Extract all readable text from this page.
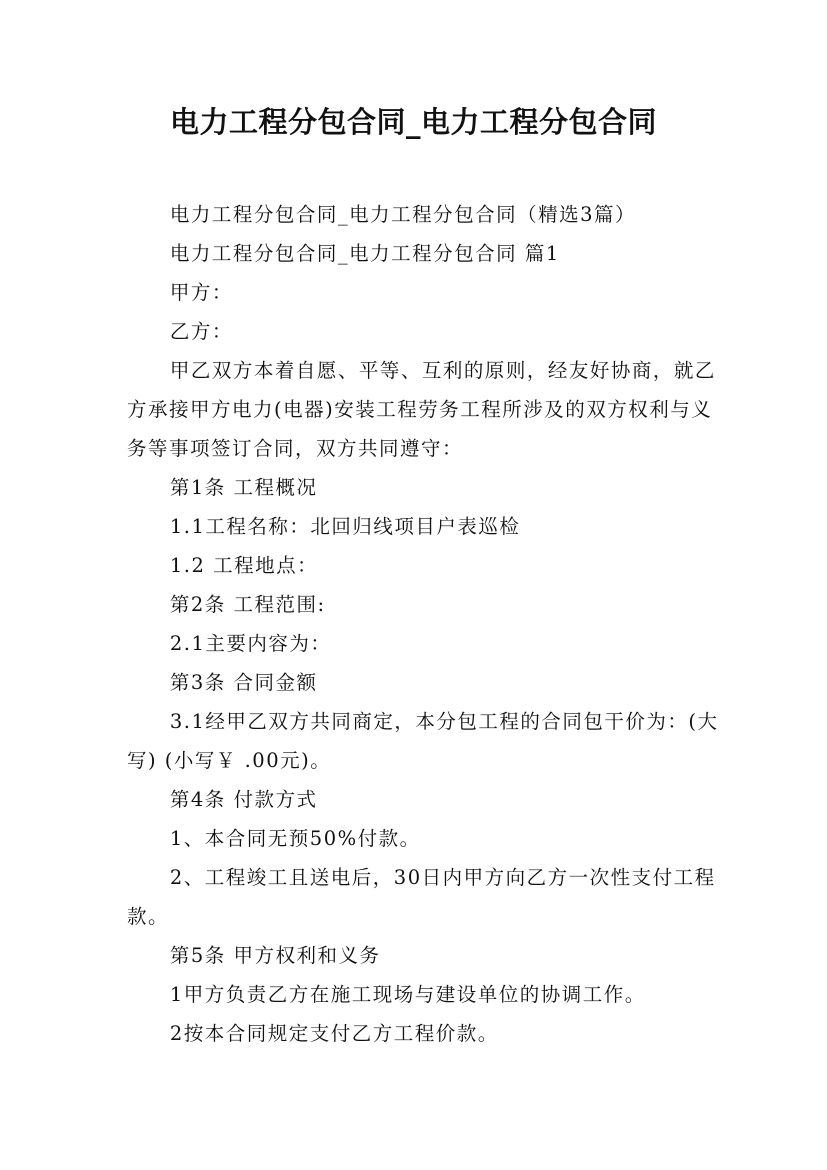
电力工程分包合同_电力工程分包合同

电力工程分包合同_电力工程分包合同（精选3篇）

电力工程分包合同_电力工程分包合同 篇1

甲方：

乙方：

甲乙双方本着自愿、平等、互利的原则，经友好协商，就乙方承接甲方电力(电器)安装工程劳务工程所涉及的双方权利与义务等事项签订合同，双方共同遵守：

第1条 工程概况

1.1工程名称：北回归线项目户表巡检

1.2 工程地点：

第2条 工程范围:

2.1主要内容为：

第3条 合同金额

3.1经甲乙双方共同商定，本分包工程的合同包干价为：(大写) (小写￥ .00元)。

第4条 付款方式

1、本合同无预50%付款。

2、工程竣工且送电后，30日内甲方向乙方一次性支付工程款。

第5条 甲方权利和义务

1甲方负责乙方在施工现场与建设单位的协调工作。

2按本合同规定支付乙方工程价款。
